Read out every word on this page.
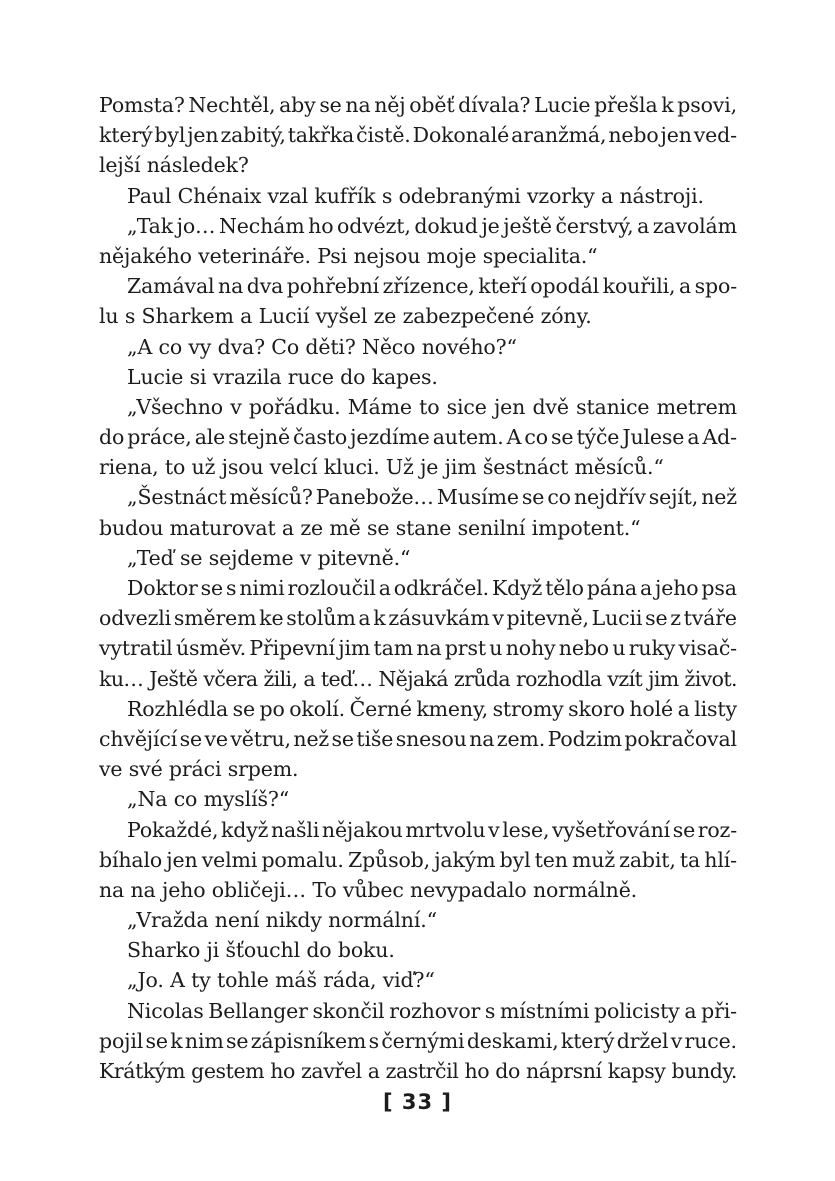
Pomsta? Nechtěl, aby se na něj oběť dívala? Lucie přešla k psovi,
který byl jen zabitý, takřka čistě. Dokonalé aranžmá, nebo jen ved-
lejší následek?
Paul Chénaix vzal kufřík s odebranými vzorky a nástroji.
„Tak jo… Nechám ho odvézt, dokud je ještě čerstvý, a zavolám
nějakého veterináře. Psi nejsou moje specialita.“
Zamával na dva pohřební zřízence, kteří opodál kouřili, a spo-
lu s Sharkem a Lucií vyšel ze zabezpečené zóny.
„A co vy dva? Co děti? Něco nového?“
Lucie si vrazila ruce do kapes.
„Všechno v pořádku. Máme to sice jen dvě stanice metrem
do práce, ale stejně často jezdíme autem. A co se týče Julese a Ad-
riena, to už jsou velcí kluci. Už je jim šestnáct měsíců.“
„Šestnáct měsíců? Panebože… Musíme se co nejdřív sejít, než
budou maturovat a ze mě se stane senilní impotent.“
„Teď se sejdeme v pitevně.“
Doktor se s nimi rozloučil a odkráčel. Když tělo pána a jeho psa
odvezli směrem ke stolům a k zásuvkám v pitevně, Lucii se z tváře
vytratil úsměv. Připevní jim tam na prst u nohy nebo u ruky visač-
ku… Ještě včera žili, a teď… Nějaká zrůda rozhodla vzít jim život.
Rozhlédla se po okolí. Černé kmeny, stromy skoro holé a listy
chvějící se ve větru, než se tiše snesou na zem. Podzim pokračoval
ve své práci srpem.
„Na co myslíš?“
Pokaždé, když našli nějakou mrtvolu v lese, vyšetřování se roz-
bíhalo jen velmi pomalu. Způsob, jakým byl ten muž zabit, ta hlí-
na na jeho obličeji… To vůbec nevypadalo normálně.
„Vražda není nikdy normální.“
Sharko ji šťouchl do boku.
„Jo. A ty tohle máš ráda, viď?“
Nicolas Bellanger skončil rozhovor s místními policisty a při-
pojil se k nim se zápisníkem s černými deskami, který držel v ruce.
Krátkým gestem ho zavřel a zastrčil ho do náprsní kapsy bundy.
[ 33 ]
